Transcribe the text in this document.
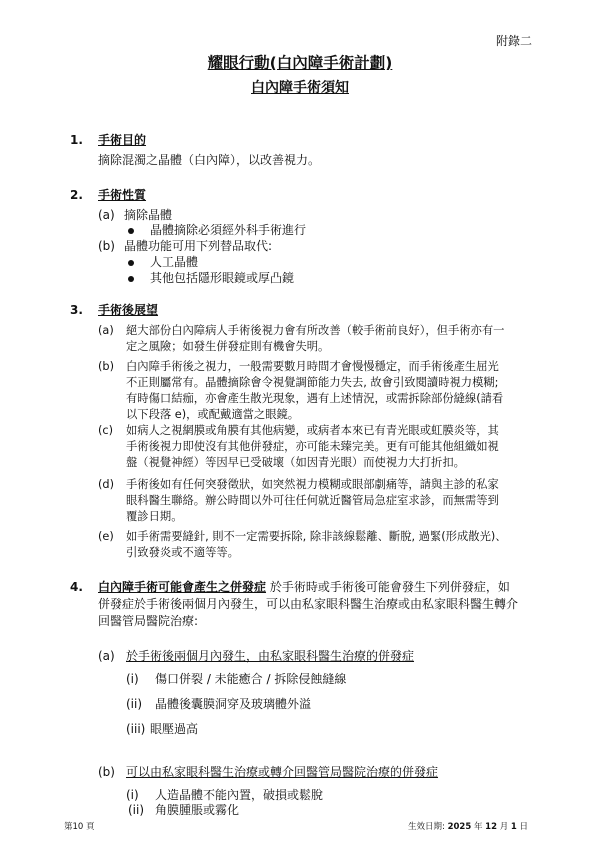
附錄二
耀眼行動(白內障手術計劃)
白內障手術須知
1. 手術目的
摘除混濁之晶體（白內障），以改善視力。
2. 手術性質
(a) 摘除晶體
晶體摘除必須經外科手術進行
(b) 晶體功能可用下列替品取代:
人工晶體
其他包括隱形眼鏡或厚凸鏡
3. 手術後展望
(a) 絕大部份白內障病人手術後視力會有所改善（較手術前良好），但手術亦有一
定之風險；如發生併發症則有機會失明。
(b) 白內障手術後之視力，一般需要數月時間才會慢慢穩定，而手術後產生屈光
不正則屬常有。晶體摘除會令視覺調節能力失去, 故會引致閱讀時視力模糊;
有時傷口結痂，亦會產生散光現象，遇有上述情況，或需拆除部份縫線(請看
以下段落 e)，或配戴適當之眼鏡。
(c) 如病人之視網膜或角膜有其他病變，或病者本來已有青光眼或虹膜炎等，其
手術後視力即使沒有其他併發症，亦可能未臻完美。更有可能其他組織如視
盤（視覺神經）等因早已受破壞（如因青光眼）而使視力大打折扣。
(d) 手術後如有任何突發徵狀，如突然視力模糊或眼部劇痛等，請與主診的私家
眼科醫生聯絡。辦公時間以外可往任何就近醫管局急症室求診，而無需等到
覆診日期。
(e) 如手術需要縫針, 則不一定需要拆除, 除非該線鬆離、斷脫, 過緊(形成散光)、
引致發炎或不適等等。
4. 白內障手術可能會產生之併發症 於手術時或手術後可能會發生下列併發症，如
併發症於手術後兩個月內發生，可以由私家眼科醫生治療或由私家眼科醫生轉介
回醫管局醫院治療:
(a) 於手術後兩個月內發生，由私家眼科醫生治療的併發症
(i) 傷口併裂 / 未能癒合 / 拆除侵蝕縫線
(ii) 晶體後囊膜洞穿及玻璃體外溢
(iii) 眼壓過高
(b) 可以由私家眼科醫生治療或轉介回醫管局醫院治療的併發症
(i) 人造晶體不能內置，破損或鬆脫
(ii) 角膜腫脹或霧化
第10 頁	生效日期: 2025 年 12 月 1 日
